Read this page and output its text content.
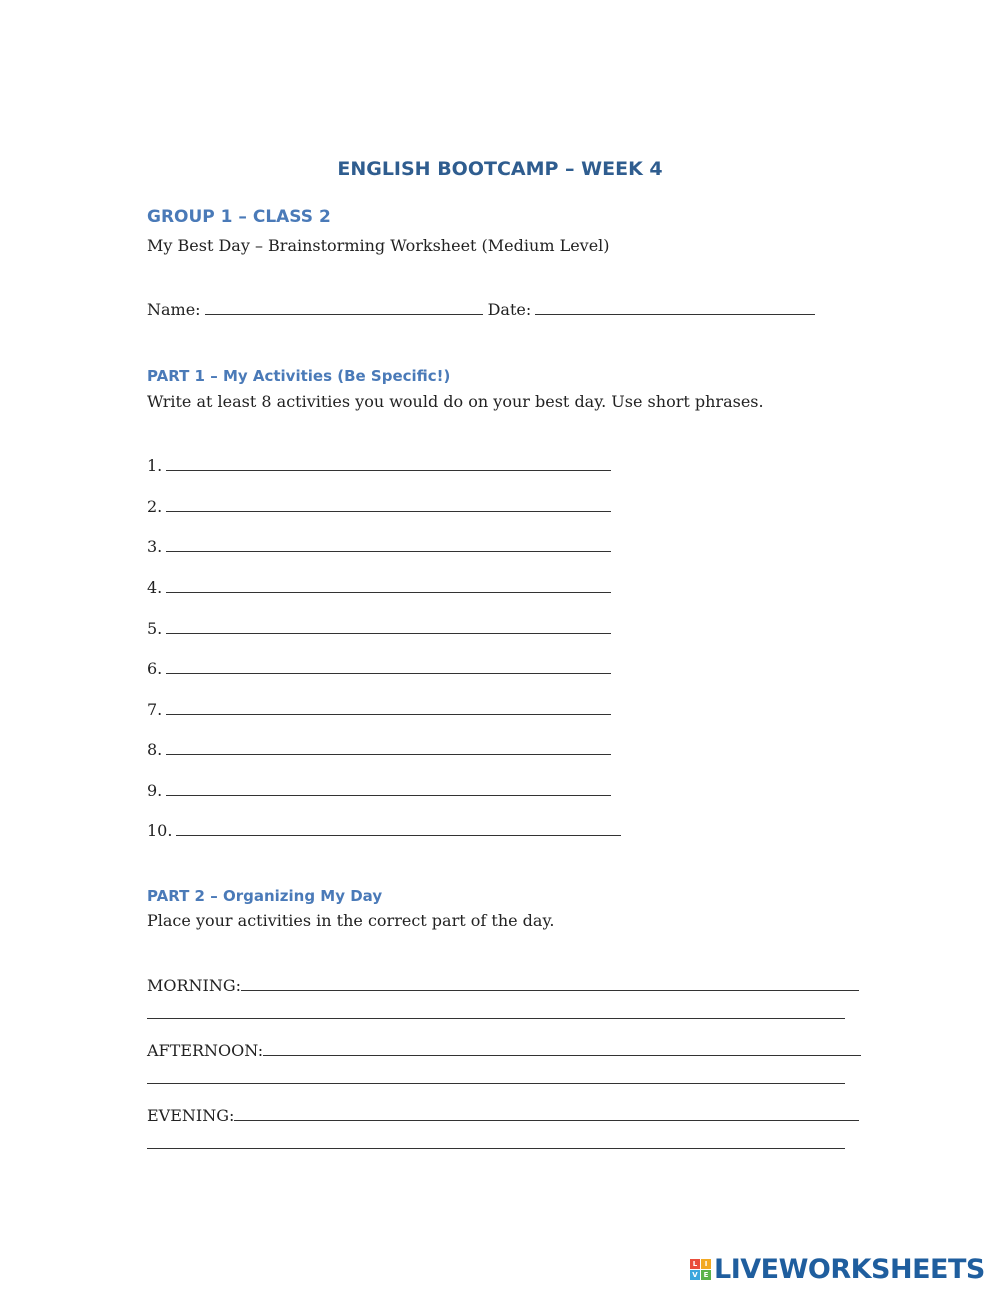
ENGLISH BOOTCAMP – WEEK 4
GROUP 1 – CLASS 2
My Best Day – Brainstorming Worksheet (Medium Level)
Name:	Date:
PART 1 – My Activities (Be Specific!)
Write at least 8 activities you would do on your best day. Use short phrases.
1.
2.
3.
4.
5.
6.
7.
8.
9.
10.
PART 2 – Organizing My Day
Place your activities in the correct part of the day.
MORNING:
AFTERNOON:
EVENING:
L	I
V E LIVEWORKSHEETS
